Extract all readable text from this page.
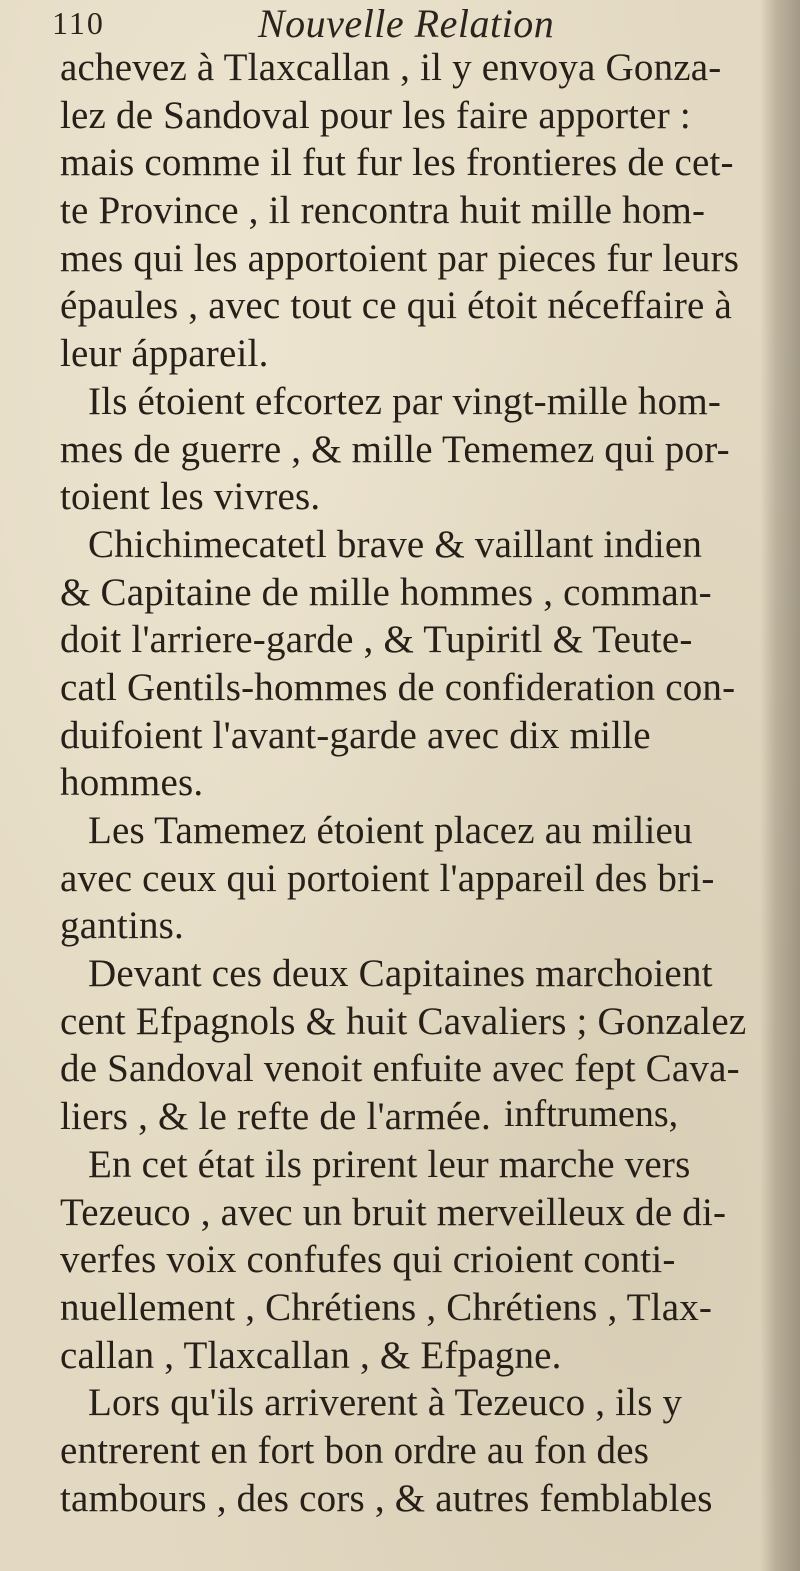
110	Nouvelle Relation
achevez à Tlaxcallan , il y envoya Gonza-
lez de Sandoval pour les faire apporter :
mais comme il fut fur les frontieres de cet-
te Province , il rencontra huit mille hom-
mes qui les apportoient par pieces fur leurs
épaules , avec tout ce qui étoit néceffaire à
leur áppareil.
Ils étoient efcortez par vingt-mille hom-
mes de guerre , & mille Tememez qui por-
toient les vivres.
Chichimecatetl brave & vaillant indien
& Capitaine de mille hommes , comman-
doit l'arriere-garde , & Tupiritl & Teute-
catl Gentils-hommes de confideration con-
duifoient l'avant-garde avec dix mille
hommes.
Les Tamemez étoient placez au milieu
avec ceux qui portoient l'appareil des bri-
gantins.
Devant ces deux Capitaines marchoient
cent Efpagnols & huit Cavaliers ; Gonzalez
de Sandoval venoit enfuite avec fept Cava-
liers , & le refte de l'armée.
En cet état ils prirent leur marche vers
Tezeuco , avec un bruit merveilleux de di-
verfes voix confufes qui crioient conti-
nuellement , Chrétiens , Chrétiens , Tlax-
callan , Tlaxcallan , & Efpagne.
Lors qu'ils arriverent à Tezeuco , ils y
entrerent en fort bon ordre au fon des
tambours , des cors , & autres femblables
inftrumens,
